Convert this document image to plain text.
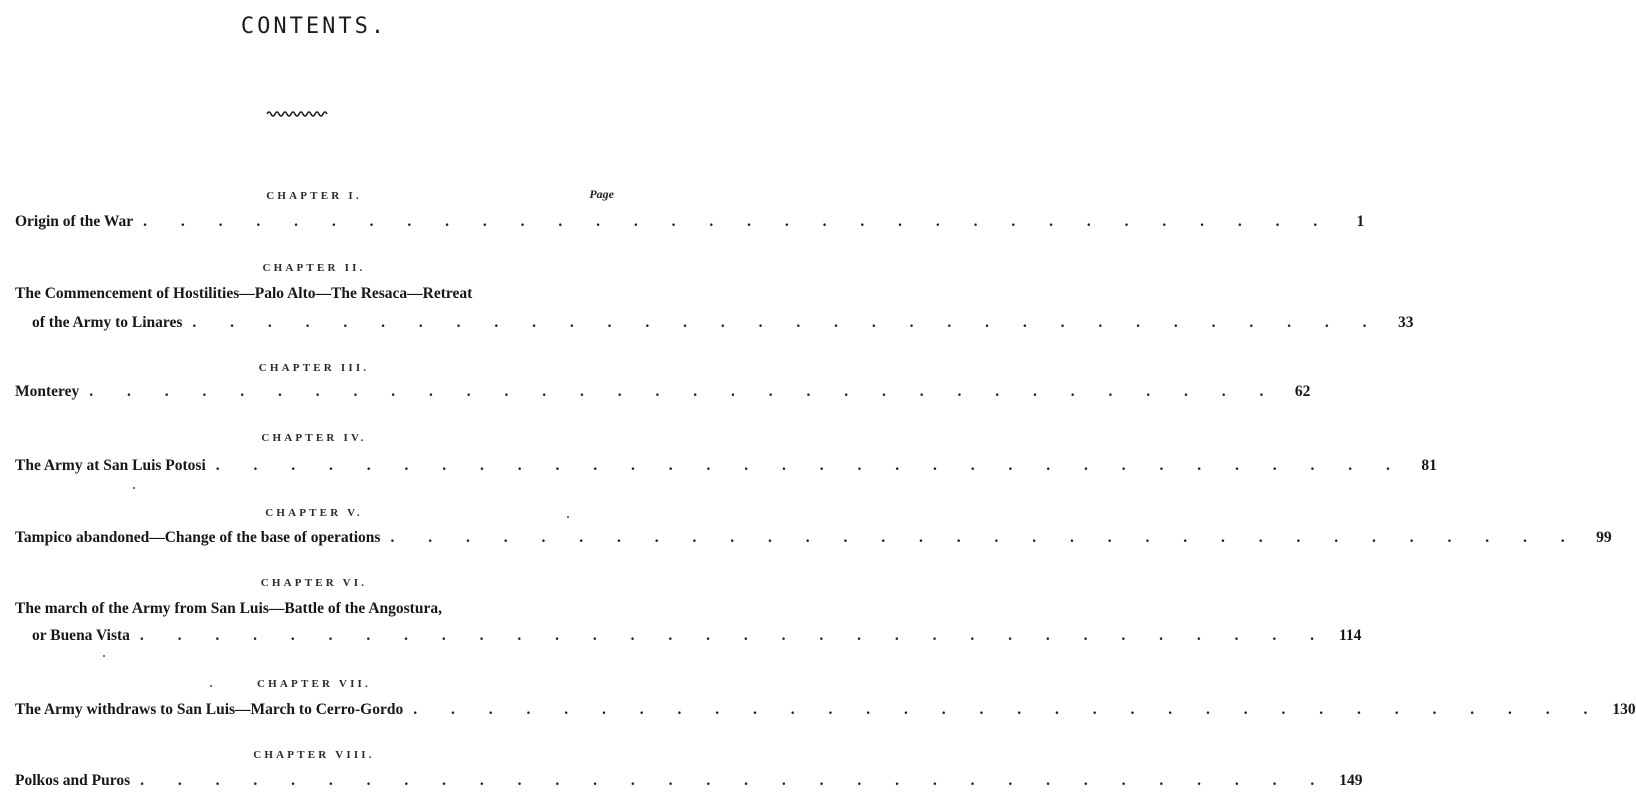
CONTENTS.
Page
CHAPTER I.
Origin of the War . . . . . . . . . . . . . . . . . . . . . . . . . . . . . . . .	1
CHAPTER II.
The Commencement of Hostilities—Palo Alto—The Resaca—Retreat
of the Army to Linares . . . . . . . . . . . . . . . . . . . . . . . . . . . . . . . .	33
CHAPTER III.
Monterey . . . . . . . . . . . . . . . . . . . . . . . . . . . . . . . .	62
CHAPTER IV.
The Army at San Luis Potosi . . . . . . . . . . . . . . . . . . . . . . . . . . . . . . . .	81
CHAPTER V.
Tampico abandoned—Change of the base of operations . . . . . . . . . . . . . . . . . . . . . . . . . . . . . . . .	99
CHAPTER VI.
The march of the Army from San Luis—Battle of the Angostura,
or Buena Vista . . . . . . . . . . . . . . . . . . . . . . . . . . . . . . . . 114
CHAPTER VII.
The Army withdraws to San Luis—March to Cerro-Gordo . . . . . . . . . . . . . . . . . . . . . . . . . . . . . . . . 130
CHAPTER VIII.
Polkos and Puros . . . . . . . . . . . . . . . . . . . . . . . . . . . . . . . . 149
